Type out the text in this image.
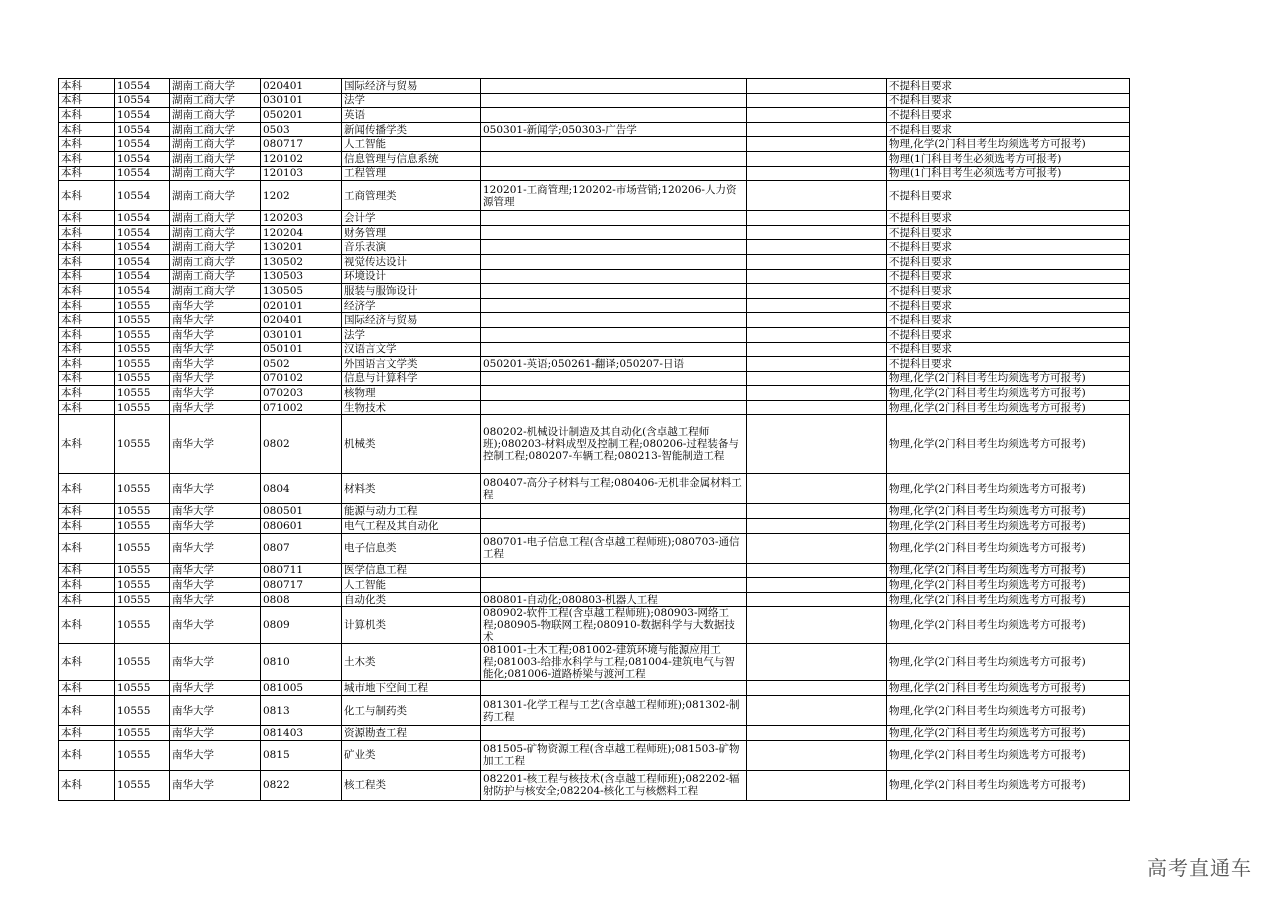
本科	10554	湖南工商大学	020401	国际经济与贸易			不提科目要求
本科	10554	湖南工商大学	030101	法学			不提科目要求
本科	10554	湖南工商大学	050201	英语			不提科目要求
本科	10554	湖南工商大学	0503	新闻传播学类	050301-新闻学;050303-广告学		不提科目要求
本科	10554	湖南工商大学	080717	人工智能			物理,化学(2门科目考生均须选考方可报考)
本科	10554	湖南工商大学	120102	信息管理与信息系统			物理(1门科目考生必须选考方可报考)
本科	10554	湖南工商大学	120103	工程管理			物理(1门科目考生必须选考方可报考)
本科	10554	湖南工商大学	1202	工商管理类	120201-工商管理;120202-市场营销;120206-人力资源管理		不提科目要求
本科	10554	湖南工商大学	120203	会计学			不提科目要求
本科	10554	湖南工商大学	120204	财务管理			不提科目要求
本科	10554	湖南工商大学	130201	音乐表演			不提科目要求
本科	10554	湖南工商大学	130502	视觉传达设计			不提科目要求
本科	10554	湖南工商大学	130503	环境设计			不提科目要求
本科	10554	湖南工商大学	130505	服装与服饰设计			不提科目要求
本科	10555	南华大学	020101	经济学			不提科目要求
本科	10555	南华大学	020401	国际经济与贸易			不提科目要求
本科	10555	南华大学	030101	法学			不提科目要求
本科	10555	南华大学	050101	汉语言文学			不提科目要求
本科	10555	南华大学	0502	外国语言文学类	050201-英语;050261-翻译;050207-日语		不提科目要求
本科	10555	南华大学	070102	信息与计算科学			物理,化学(2门科目考生均须选考方可报考)
本科	10555	南华大学	070203	核物理			物理,化学(2门科目考生均须选考方可报考)
本科	10555	南华大学	071002	生物技术			物理,化学(2门科目考生均须选考方可报考)
本科	10555	南华大学	0802	机械类	080202-机械设计制造及其自动化(含卓越工程师班);080203-材料成型及控制工程;080206-过程装备与控制工程;080207-车辆工程;080213-智能制造工程		物理,化学(2门科目考生均须选考方可报考)
本科	10555	南华大学	0804	材料类	080407-高分子材料与工程;080406-无机非金属材料工程		物理,化学(2门科目考生均须选考方可报考)
本科	10555	南华大学	080501	能源与动力工程			物理,化学(2门科目考生均须选考方可报考)
本科	10555	南华大学	080601	电气工程及其自动化			物理,化学(2门科目考生均须选考方可报考)
本科	10555	南华大学	0807	电子信息类	080701-电子信息工程(含卓越工程师班);080703-通信工程		物理,化学(2门科目考生均须选考方可报考)
本科	10555	南华大学	080711	医学信息工程			物理,化学(2门科目考生均须选考方可报考)
本科	10555	南华大学	080717	人工智能			物理,化学(2门科目考生均须选考方可报考)
本科	10555	南华大学	0808	自动化类	080801-自动化;080803-机器人工程		物理,化学(2门科目考生均须选考方可报考)
本科	10555	南华大学	0809	计算机类	080902-软件工程(含卓越工程师班);080903-网络工程;080905-物联网工程;080910-数据科学与大数据技术		物理,化学(2门科目考生均须选考方可报考)
本科	10555	南华大学	0810	土木类	081001-土木工程;081002-建筑环境与能源应用工程;081003-给排水科学与工程;081004-建筑电气与智能化;081006-道路桥梁与渡河工程		物理,化学(2门科目考生均须选考方可报考)
本科	10555	南华大学	081005	城市地下空间工程			物理,化学(2门科目考生均须选考方可报考)
本科	10555	南华大学	0813	化工与制药类	081301-化学工程与工艺(含卓越工程师班);081302-制药工程		物理,化学(2门科目考生均须选考方可报考)
本科	10555	南华大学	081403	资源勘查工程			物理,化学(2门科目考生均须选考方可报考)
本科	10555	南华大学	0815	矿业类	081505-矿物资源工程(含卓越工程师班);081503-矿物加工工程		物理,化学(2门科目考生均须选考方可报考)
本科	10555	南华大学	0822	核工程类	082201-核工程与核技术(含卓越工程师班);082202-辐射防护与核安全;082204-核化工与核燃料工程		物理,化学(2门科目考生均须选考方可报考)
高考直通车
